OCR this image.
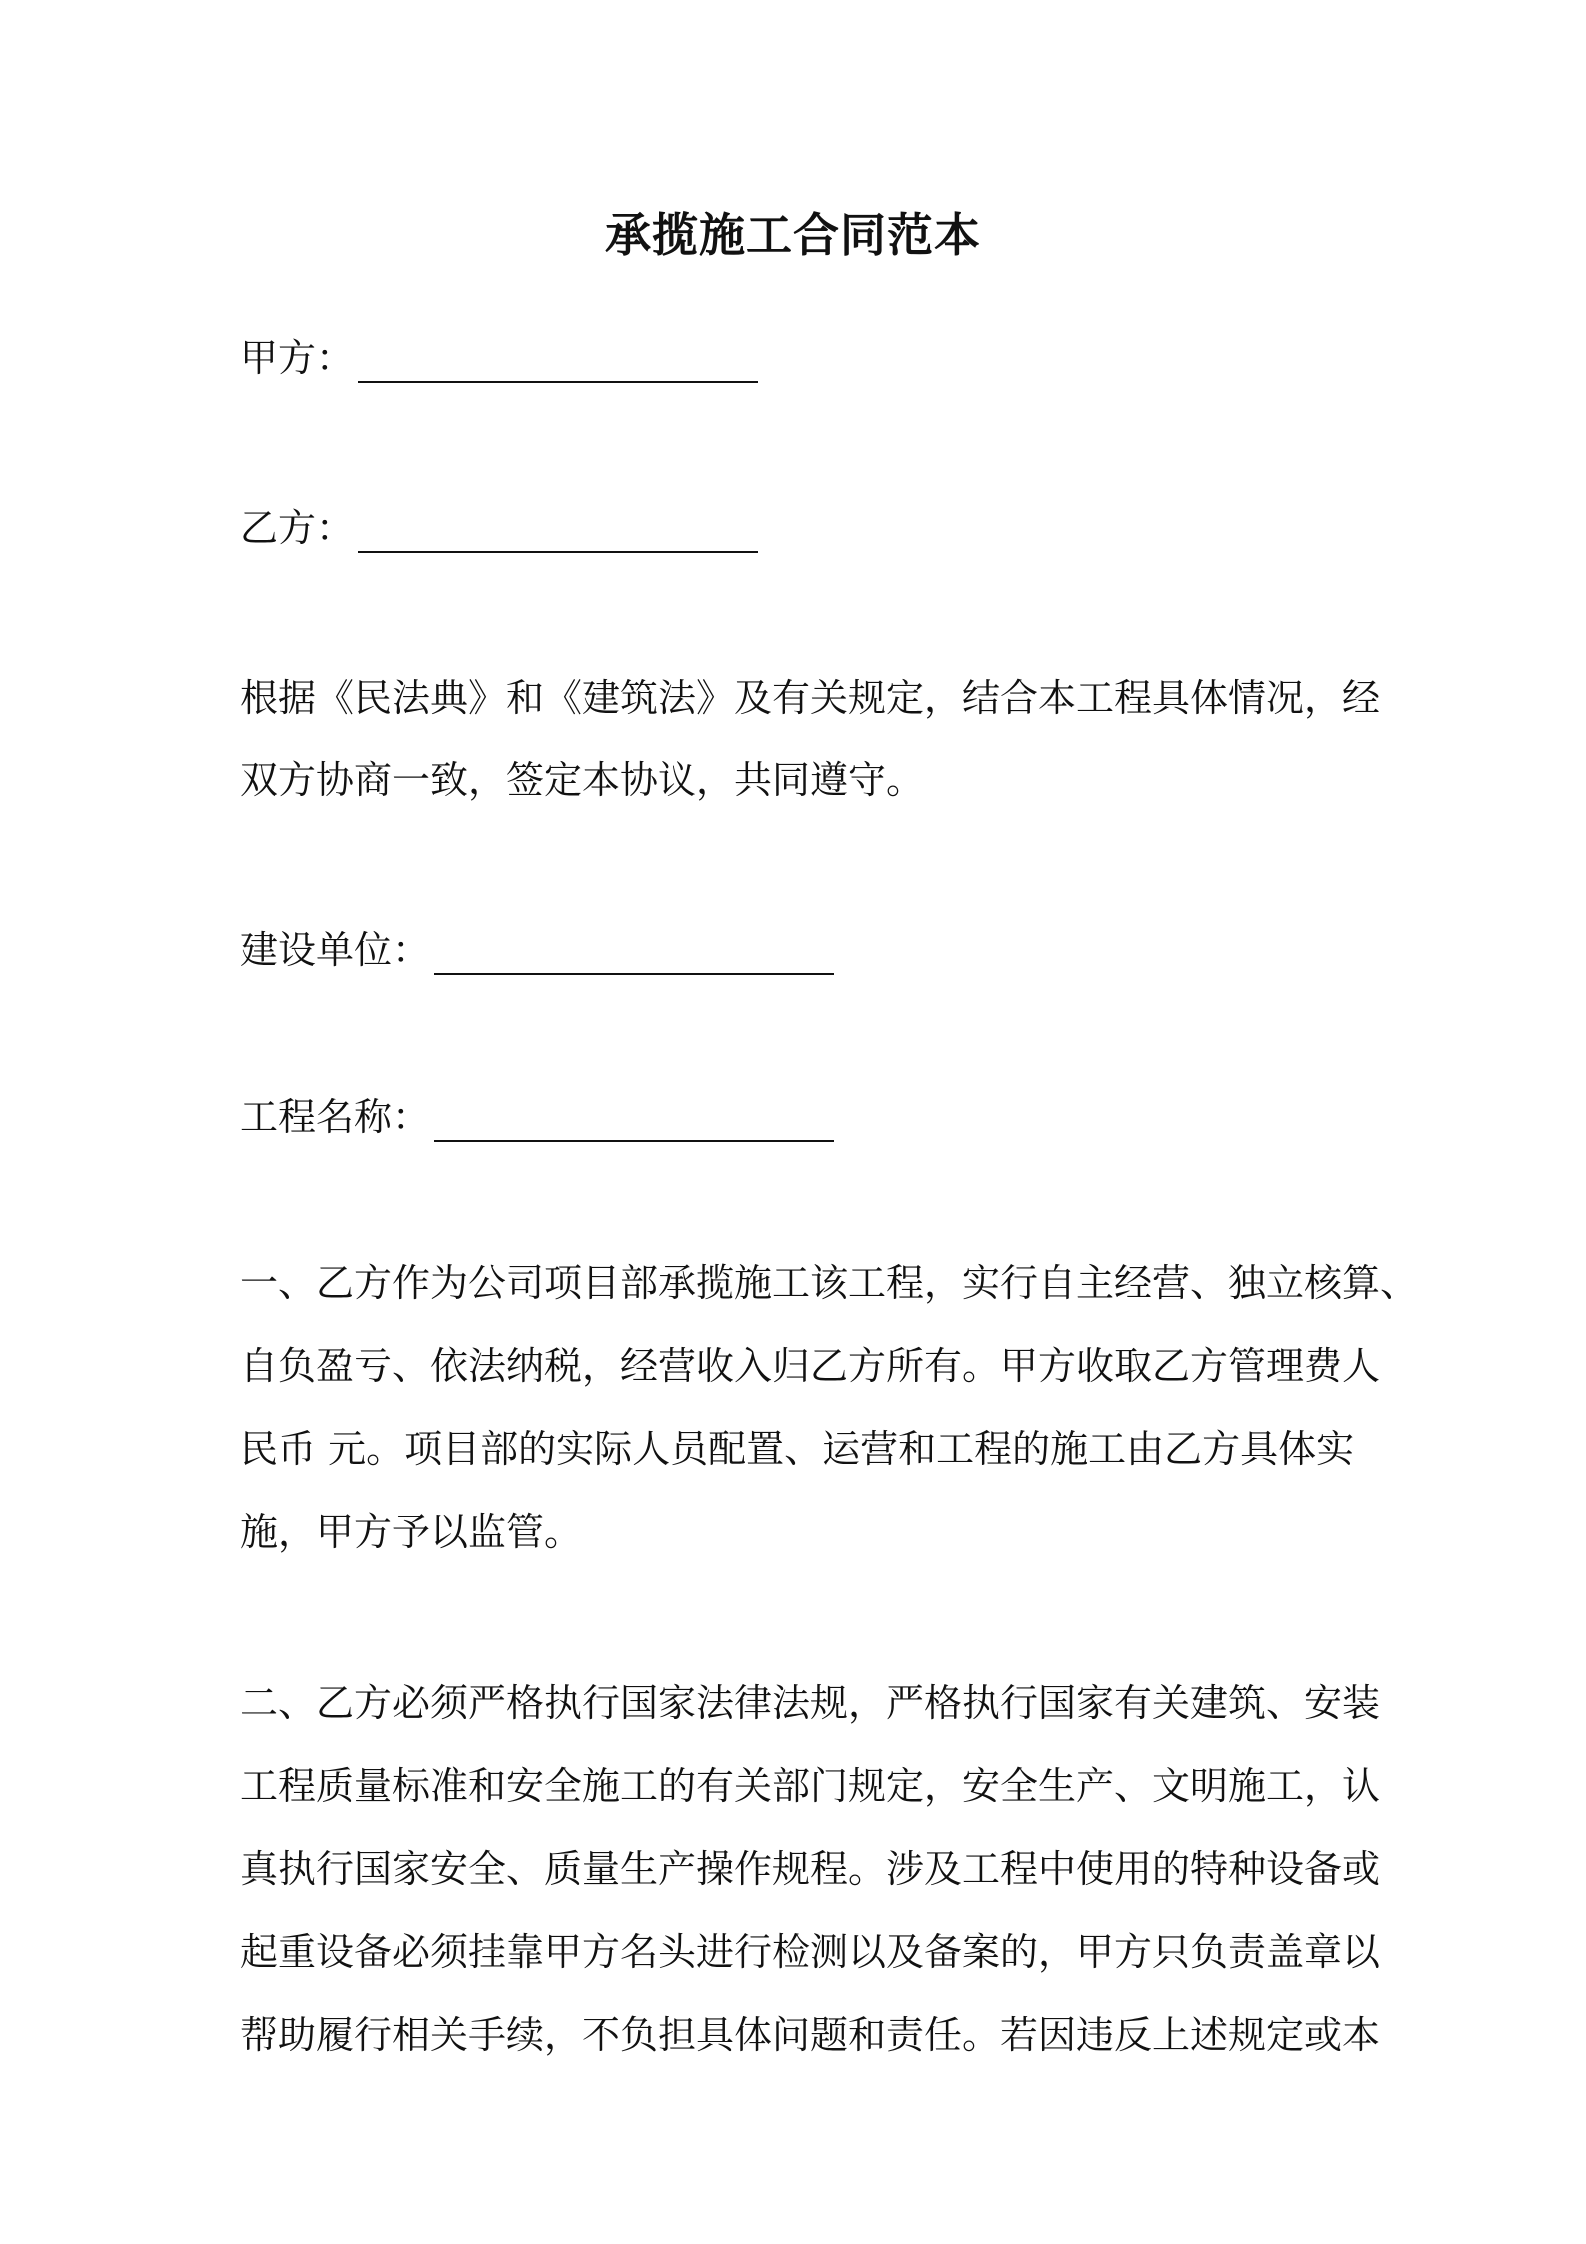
承揽施工合同范本
甲方：
乙方：
根据《民法典》和《建筑法》及有关规定，结合本工程具体情况，经
双方协商一致，签定本协议，共同遵守。
建设单位：
工程名称：
一、乙方作为公司项目部承揽施工该工程，实行自主经营、独立核算、
自负盈亏、依法纳税，经营收入归乙方所有。甲方收取乙方管理费人
民币 元。项目部的实际人员配置、运营和工程的施工由乙方具体实
施，甲方予以监管。
二、乙方必须严格执行国家法律法规，严格执行国家有关建筑、安装
工程质量标准和安全施工的有关部门规定，安全生产、文明施工，认
真执行国家安全、质量生产操作规程。涉及工程中使用的特种设备或
起重设备必须挂靠甲方名头进行检测以及备案的，甲方只负责盖章以
帮助履行相关手续，不负担具体问题和责任。若因违反上述规定或本
